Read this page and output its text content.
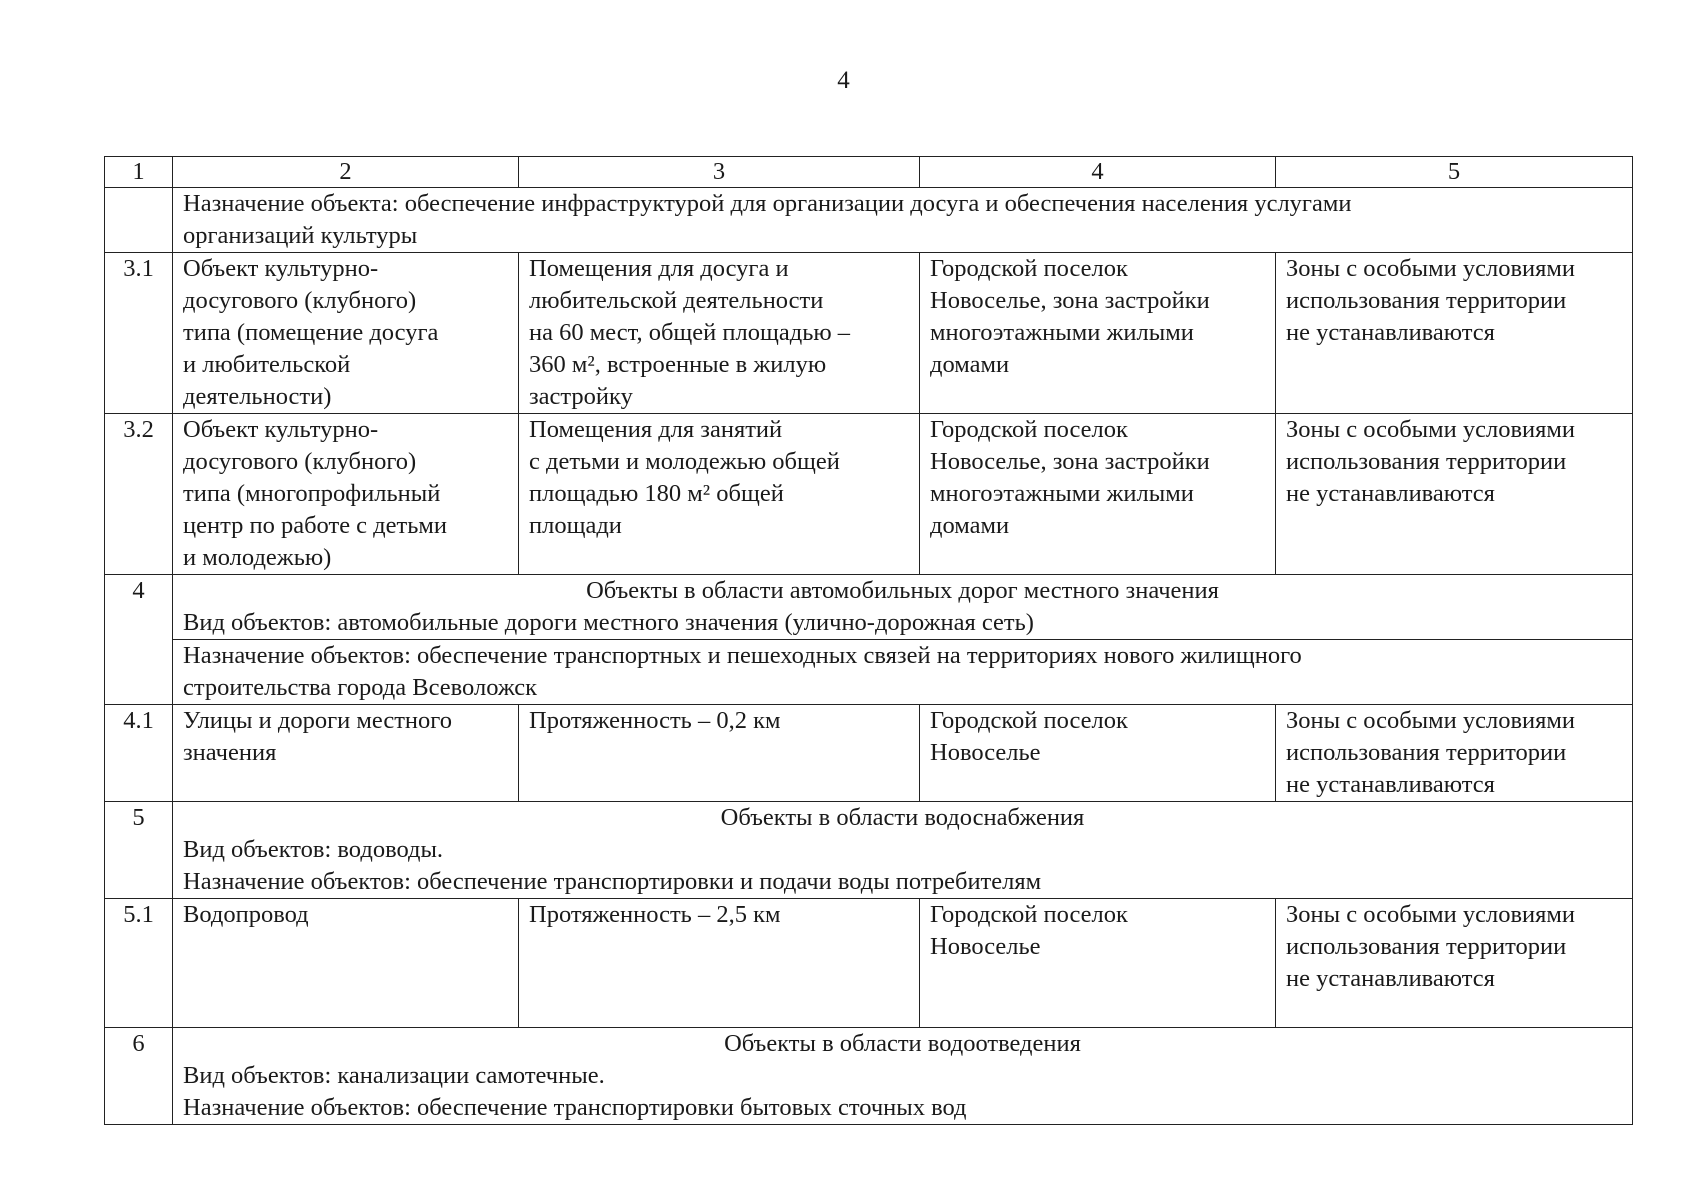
4
1	2	3	4	5

	Назначение объекта: обеспечение инфраструктурой для организации досуга и обеспечения населения услугами
организаций культуры			

3.1	Объект культурно-
досугового (клубного)
типа (помещение досуга
и любительской
деятельности)	Помещения для досуга и
любительской деятельности
на 60 мест, общей площадью –
360 м², встроенные в жилую
застройку	Городской поселок
Новоселье, зона застройки
многоэтажными жилыми
домами	Зоны с особыми условиями
использования территории
не устанавливаются

3.2	Объект культурно-
досугового (клубного)
типа (многопрофильный
центр по работе с детьми
и молодежью)	Помещения для занятий
с детьми и молодежью общей
площадью 180 м² общей
площади	Городской поселок
Новоселье, зона застройки
многоэтажными жилыми
домами	Зоны с особыми условиями
использования территории
не устанавливаются

4	Объекты в области автомобильных дорог местного значения
Вид объектов: автомобильные дороги местного значения (улично-дорожная сеть)			

	Назначение объектов: обеспечение транспортных и пешеходных связей на территориях нового жилищного
строительства города Всеволожск			

4.1	Улицы и дороги местного
значения	Протяженность – 0,2 км	Городской поселок
Новоселье	Зоны с особыми условиями
использования территории
не устанавливаются

5	Объекты в области водоснабжения
Вид объектов: водоводы.
Назначение объектов: обеспечение транспортировки и подачи воды потребителям			

5.1	Водопровод	Протяженность – 2,5 км	Городской поселок
Новоселье	Зоны с особыми условиями
использования территории
не устанавливаются

6	Объекты в области водоотведения
Вид объектов: канализации самотечные.
Назначение объектов: обеспечение транспортировки бытовых сточных вод			
